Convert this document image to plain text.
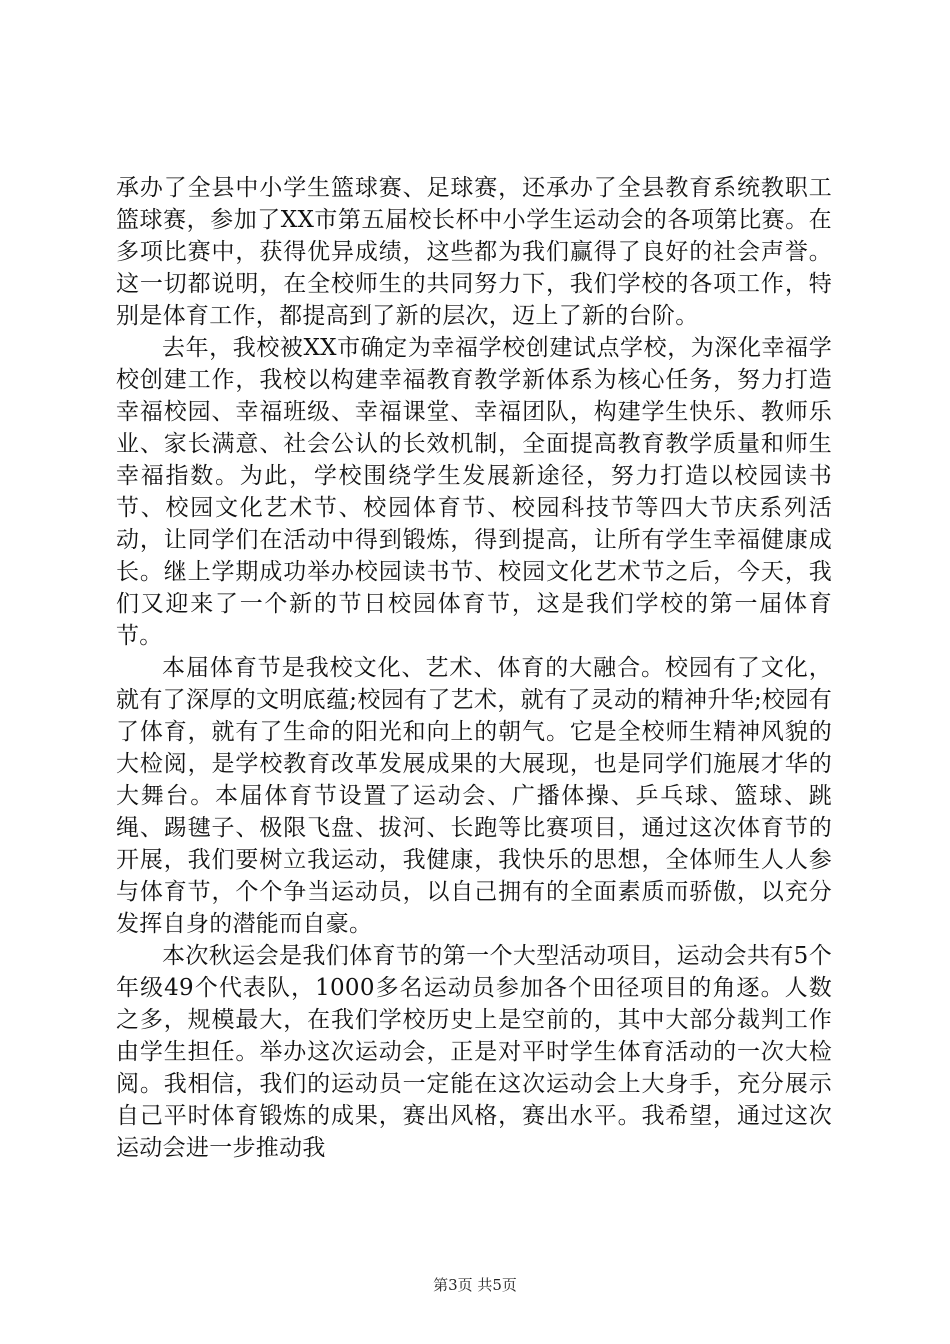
承办了全县中小学生篮球赛、足球赛，还承办了全县教育系统教职工篮球赛，参加了XX市第五届校长杯中小学生运动会的各项第比赛。在多项比赛中，获得优异成绩，这些都为我们赢得了良好的社会声誉。这一切都说明，在全校师生的共同努力下，我们学校的各项工作，特别是体育工作，都提高到了新的层次，迈上了新的台阶。

去年，我校被XX市确定为幸福学校创建试点学校，为深化幸福学校创建工作，我校以构建幸福教育教学新体系为核心任务，努力打造幸福校园、幸福班级、幸福课堂、幸福团队，构建学生快乐、教师乐业、家长满意、社会公认的长效机制，全面提高教育教学质量和师生幸福指数。为此，学校围绕学生发展新途径，努力打造以校园读书节、校园文化艺术节、校园体育节、校园科技节等四大节庆系列活动，让同学们在活动中得到锻炼，得到提高，让所有学生幸福健康成长。继上学期成功举办校园读书节、校园文化艺术节之后，今天，我们又迎来了一个新的节日校园体育节，这是我们学校的第一届体育节。

本届体育节是我校文化、艺术、体育的大融合。校园有了文化，就有了深厚的文明底蕴;校园有了艺术，就有了灵动的精神升华;校园有了体育，就有了生命的阳光和向上的朝气。它是全校师生精神风貌的大检阅，是学校教育改革发展成果的大展现，也是同学们施展才华的大舞台。本届体育节设置了运动会、广播体操、乒乓球、篮球、跳绳、踢毽子、极限飞盘、拔河、长跑等比赛项目，通过这次体育节的开展，我们要树立我运动，我健康，我快乐的思想，全体师生人人参与体育节，个个争当运动员，以自己拥有的全面素质而骄傲，以充分发挥自身的潜能而自豪。

本次秋运会是我们体育节的第一个大型活动项目，运动会共有5个年级49个代表队，1000多名运动员参加各个田径项目的角逐。人数之多，规模最大，在我们学校历史上是空前的，其中大部分裁判工作由学生担任。举办这次运动会，正是对平时学生体育活动的一次大检阅。我相信，我们的运动员一定能在这次运动会上大身手，充分展示自己平时体育锻炼的成果，赛出风格，赛出水平。我希望，通过这次运动会进一步推动我

第3页 共5页
